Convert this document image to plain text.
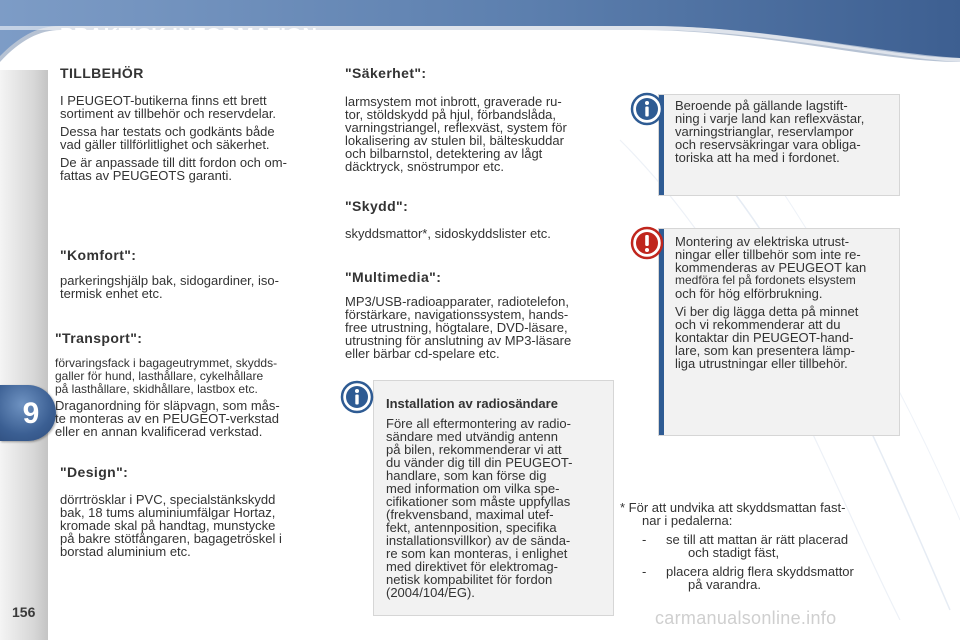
PRAKTISK INFORMATION
9
156
TILLBEHÖR
I PEUGEOT-butikerna finns ett brett
sortiment av tillbehör och reservdelar.
Dessa har testats och godkänts både
vad gäller tillförlitlighet och säkerhet.
De är anpassade till ditt fordon och om-
fattas av PEUGEOTS garanti.
"Komfort":
parkeringshjälp bak, sidogardiner, iso-
termisk enhet etc.
"Transport":
förvaringsfack i bagageutrymmet, skydds-
galler för hund, lasthållare, cykelhållare
på lasthållare, skidhållare, lastbox etc.
Draganordning för släpvagn, som mås-
te monteras av en PEUGEOT-verkstad
eller en annan kvalificerad verkstad.
"Design":
dörrtrösklar i PVC, specialstänkskydd
bak, 18 tums aluminiumfälgar Hortaz,
kromade skal på handtag, munstycke
på bakre stötfångaren, bagagetröskel i
borstad aluminium etc.
"Säkerhet":
larmsystem mot inbrott, graverade ru-
tor, stöldskydd på hjul, förbandslåda,
varningstriangel, reflexväst, system för
lokalisering av stulen bil, bälteskuddar
och bilbarnstol, detektering av lågt
däcktryck, snöstrumpor etc.
"Skydd":
skyddsmattor*, sidoskyddslister etc.
"Multimedia":
MP3/USB-radioapparater, radiotelefon,
förstärkare, navigationssystem, hands-
free utrustning, högtalare, DVD-läsare,
utrustning för anslutning av MP3-läsare
eller bärbar cd-spelare etc.
Installation av radiosändare
Före all eftermontering av radio-
sändare med utvändig antenn
på bilen, rekommenderar vi att
du vänder dig till din PEUGEOT-
handlare, som kan förse dig
med information om vilka spe-
cifikationer som måste uppfyllas
(frekvensband, maximal utef-
fekt, antennposition, specifika
installationsvillkor) av de sända-
re som kan monteras, i enlighet
med direktivet för elektromag-
netisk kompabilitet för fordon
(2004/104/EG).
Beroende på gällande lagstift-
ning i varje land kan reflexvästar,
varningstrianglar, reservlampor
och reservsäkringar vara obliga-
toriska att ha med i fordonet.
Montering av elektriska utrust-
ningar eller tillbehör som inte re-
kommenderas av PEUGEOT kan
medföra fel på fordonets elsystem
och för hög elförbrukning.
Vi ber dig lägga detta på minnet
och vi rekommenderar att du
kontaktar din PEUGEOT-hand-
lare, som kan presentera lämp-
liga utrustningar eller tillbehör.
* För att undvika att skyddsmattan fast-
nar i pedalerna:
-	se till att mattan är rätt placerad
och stadigt fäst,
-	placera aldrig flera skyddsmattor
på varandra.
carmanualsonline.info
